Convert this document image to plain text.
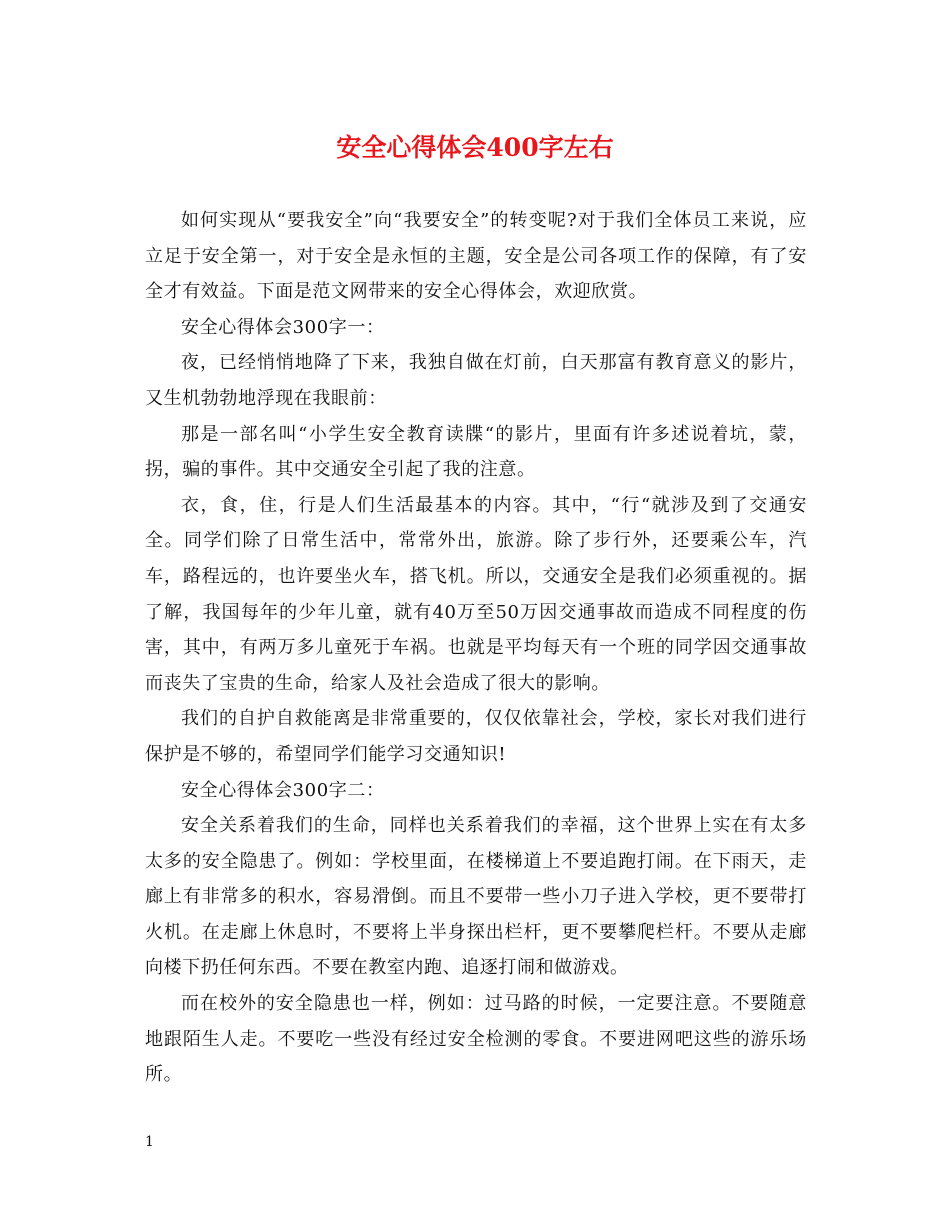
安全心得体会400字左右

如何实现从“要我安全”向“我要安全”的转变呢?对于我们全体员工来说，应立足于安全第一，对于安全是永恒的主题，安全是公司各项工作的保障，有了安全才有效益。下面是范文网带来的安全心得体会，欢迎欣赏。

安全心得体会300字一：

夜，已经悄悄地降了下来，我独自做在灯前，白天那富有教育意义的影片，又生机勃勃地浮现在我眼前：

那是一部名叫“小学生安全教育读牒“的影片，里面有许多述说着坑，蒙，拐，骗的事件。其中交通安全引起了我的注意。

衣，食，住，行是人们生活最基本的内容。其中，“行“就涉及到了交通安全。同学们除了日常生活中，常常外出，旅游。除了步行外，还要乘公车，汽车，路程远的，也许要坐火车，搭飞机。所以，交通安全是我们必须重视的。据了解，我国每年的少年儿童，就有40万至50万因交通事故而造成不同程度的伤害，其中，有两万多儿童死于车祸。也就是平均每天有一个班的同学因交通事故而丧失了宝贵的生命，给家人及社会造成了很大的影响。

我们的自护自救能离是非常重要的，仅仅依靠社会，学校，家长对我们进行保护是不够的，希望同学们能学习交通知识!

安全心得体会300字二：

安全关系着我们的生命，同样也关系着我们的幸福，这个世界上实在有太多太多的安全隐患了。例如：学校里面，在楼梯道上不要追跑打闹。在下雨天，走廊上有非常多的积水，容易滑倒。而且不要带一些小刀子进入学校，更不要带打火机。在走廊上休息时，不要将上半身探出栏杆，更不要攀爬栏杆。不要从走廊向楼下扔任何东西。不要在教室内跑、追逐打闹和做游戏。

而在校外的安全隐患也一样，例如：过马路的时候，一定要注意。不要随意地跟陌生人走。不要吃一些没有经过安全检测的零食。不要进网吧这些的游乐场所。

1
